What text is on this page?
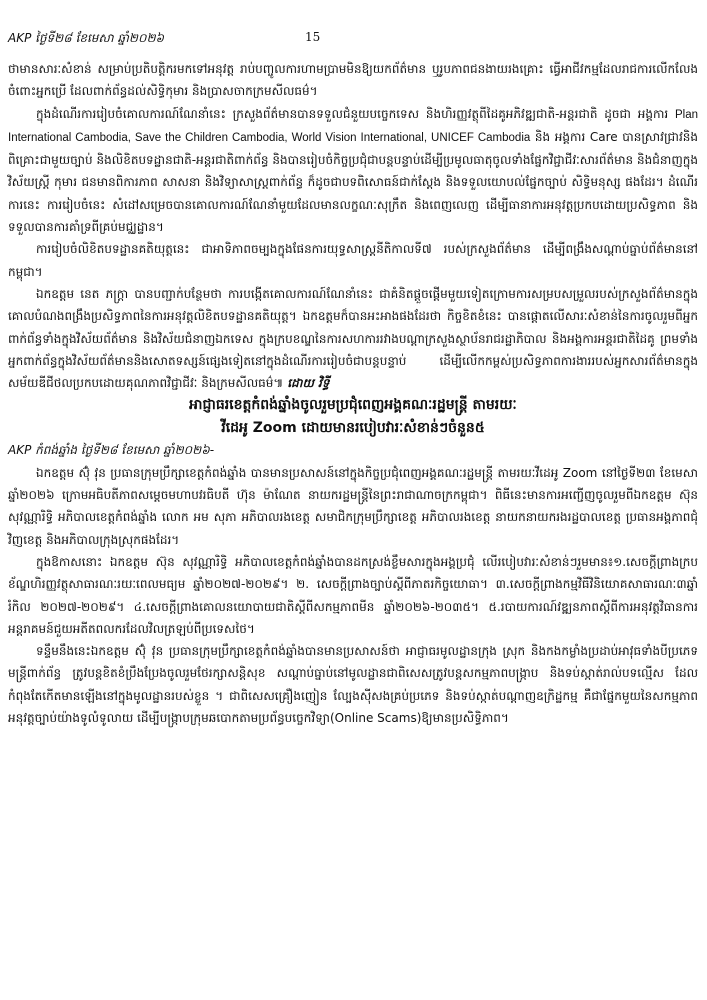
AKP ថ្ងៃទី២៨ ខែមេសា ឆ្នាំ២០២៦	15

ថាមានសារៈសំខាន់ សម្រាប់ប្រតិបត្តិករមកទៅអនុវត្ត រាប់បញ្ចូលការហាមប្រាមមិនឱ្យយកព័ត៌មាន ឬរូបភាពជនងាយរងគ្រោះ ធ្វើអាជីវកម្មដែលរាជការលើកលែងចំពោះអ្នកប្រើ ដែលពាក់ព័ន្ធដល់សិទ្ធិកុមារ និងប្រាសចាកក្រមសីលធម៌។

ក្នុងដំណើរការរៀបចំគោលការណ៍ណែនាំនេះ ក្រសួងព័ត៌មានបានទទួលជំនួយបច្ចេកទេស និងហិរញ្ញវត្ថុពីដៃគូអភិវឌ្ឍជាតិ-អន្តរជាតិ ដូចជា អង្គការ Plan International Cambodia, Save the Children Cambodia, World Vision International, UNICEF Cambodia និង អង្គការ Care បានស្រាវជ្រាវនិងពិគ្រោះជាមួយច្បាប់ និងលិខិតបទដ្ឋានជាតិ-អន្តរជាតិពាក់ព័ន្ធ និងបានរៀបចំកិច្ចប្រជុំជាបន្តបន្ទាប់ដើម្បីប្រមូលធាតុចូលទាំងផ្នែកវិជ្ជាជីវៈសារព័ត៌មាន និងជំនាញក្នុងវិស័យស្ត្រី កុមារ ជនមានពិការភាព សាសនា និងវិទ្យាសាស្ត្រពាក់ព័ន្ធ ក៏ដូចជាបទពិសោធន៍ជាក់ស្តែង និងទទួលយោបល់ផ្នែកច្បាប់ សិទ្ធិមនុស្ស ផងដែរ។ ដំណើរការនេះ ការរៀបចំនេះ សំដៅសម្រេចបានគោលការណ៍ណែនាំមួយដែលមានលក្ខណៈសុក្រឹត និងពេញលេញ ដើម្បីធានាការអនុវត្តប្រកបដោយប្រសិទ្ធភាព និងទទួលបានការគាំទ្រពីគ្រប់មជ្ឈដ្ឋាន។

ការរៀបចំលិខិតបទដ្ឋានគតិយុត្តនេះ ជាអាទិភាពចម្បងក្នុងផែនការយុទ្ធសាស្ត្រនីតិកាលទី៧ របស់ក្រសួងព័ត៌មាន ដើម្បីពង្រឹងសណ្ដាប់ធ្នាប់ព័ត៌មាននៅកម្ពុជា។

ឯកឧត្តម នេត ភក្ត្រា បានបញ្ជាក់បន្ថែមថា ការបង្កើតគោលការណ៍ណែនាំនេះ ជាគំនិតផ្ដួចផ្ដើមមួយទៀតក្រោមការសម្របសម្រួលរបស់ក្រសួងព័ត៌មានក្នុងគោលបំណងពង្រឹងប្រសិទ្ធភាពនៃការអនុវត្តលិខិតបទដ្ឋានគតិយុត្ត។ ឯកឧត្តមក៏បានអះអាងផងដែរថា កិច្ចខិតខំនេះ បានផ្តោតលើសារៈសំខាន់នៃការចូលរួមពីអ្នកពាក់ព័ន្ធទាំងក្នុងវិស័យព័ត៌មាន និងវិស័យជំនាញឯកទេស ក្នុងក្របខណ្ឌនៃការសហការរវាងបណ្តាក្រសួងស្ថាប័នរាជរដ្ឋាភិបាល និងអង្គការអន្តរជាតិដៃគូ ព្រមទាំងអ្នកពាក់ព័ន្ធក្នុងវិស័យព័ត៌មាននិងសោតទស្សន៍ផ្សេងទៀតនៅក្នុងដំណើរការរៀបចំជាបន្តបន្ទាប់ ដើម្បីលើកកម្ពស់ប្រសិទ្ធភាពការងាររបស់អ្នកសារព័ត៌មានក្នុងសម័យឌីជីថលប្រកបដោយគុណភាពវិជ្ជាជីវៈ និងក្រមសីលធម៌៕ ដោយ វិទ្ធី

អាជ្ញាធរខេត្តកំពង់ឆ្នាំងចូលរួមប្រជុំពេញអង្គគណៈរដ្ឋមន្ត្រី តាមរយៈ

វីដេអូ Zoom ដោយមានរបៀបវារៈសំខាន់ៗចំនួន៥

AKP កំពង់ឆ្នាំង ថ្ងៃទី២៨ ខែមេសា ឆ្នាំ២០២៦-

ឯកឧត្តម ស៊ុំ វុន ប្រធានក្រុមប្រឹក្សាខេត្តកំពង់ឆ្នាំង បានមានប្រសាសន៍នៅក្នុងកិច្ចប្រជុំពេញអង្គគណៈរដ្ឋមន្ត្រី តាមរយៈវីដេអូ Zoom នៅថ្ងៃទី២៣ ខែមេសា ឆ្នាំ២០២៦ ក្រោមអធិបតីភាពសម្តេចមហាបវរធិបតី ហ៊ុន ម៉ាណែត នាយករដ្ឋមន្ត្រីនៃព្រះរាជាណាចក្រកម្ពុជា។ ពិធីនេះមានការអញ្ជើញចូលរួមពីឯកឧត្តម ស៊ុន សុវណ្ណារិទ្ធិ អភិបាលខេត្តកំពង់ឆ្នាំង លោក អម សុភា អភិបាលរងខេត្ត សមាជិកក្រុមប្រឹក្សាខេត្ត អភិបាលរងខេត្ត នាយកនាយករងរដ្ឋបាលខេត្ត ប្រធានអង្គភាពជុំវិញខេត្ត និងអភិបាលក្រុងស្រុកផងដែរ។

ក្នុងឱកាសនោះ ឯកឧត្តម ស៊ុន សុវណ្ណារិទ្ធិ អភិបាលខេត្តកំពង់ឆ្នាំងបានដកស្រង់ខ្លឹមសារក្នុងអង្គប្រជុំ លើរបៀបវារៈសំខាន់ៗរួមមាន៖១.សេចក្តីព្រាងក្របខ័ណ្ឌហិរញ្ញវត្ថុសាធារណៈរយៈពេលមធ្យម ឆ្នាំ២០២៧-២០២៩។ ២. សេចក្តីព្រាងច្បាប់ស្តីពីភាតរកិច្ចយោធា។ ៣.សេចក្តីព្រាងកម្មវិធីវិនិយោគសាធារណៈ៣ឆ្នាំរំកិល ២០២៧-២០២៩។ ៤.សេចក្តីព្រាងគោលនយោបាយជាតិស្តីពីសកម្មភាពមីន ឆ្នាំ២០២៦-២០៣៥។ ៥.របាយការណ៍វឌ្ឍនភាពស្តីពីការអនុវត្តវិធានការអន្តរាគមន៍ជួយអតីតពលករដែលវិលត្រឡប់ពីប្រទេសថៃ។

ទន្ទឹមនឹងនេះឯកឧត្តម ស៊ុំ វុន ប្រធានក្រុមប្រឹក្សាខេត្តកំពង់ឆ្នាំងបានមានប្រសាសន៍ថា អាជ្ញាធរមូលដ្ឋានក្រុង ស្រុក និងកងកម្លាំងប្រដាប់អាវុធទាំងបីប្រភេទ មន្ត្រីពាក់ព័ន្ធ ត្រូវបន្តខិតខំប្រឹងប្រែងចូលរួមថែរក្សាសន្តិសុខ សណ្តាប់ធ្នាប់នៅមូលដ្ឋានជាពិសេសត្រូវបន្តសកម្មភាពបង្ក្រាប និងទប់ស្កាត់រាល់បទល្មើស ដែលកំពុងតែកើតមានឡើងនៅក្នុងមូលដ្ឋានរបស់ខ្លួន ។ ជាពិសេសគ្រឿងញៀន ល្បែងស៊ីសងគ្រប់ប្រភេទ និងទប់ស្កាត់បណ្តាញឧក្រិដ្ឋកម្ម គឺជាផ្នែកមួយនៃសកម្មភាពអនុវត្តច្បាប់យ៉ាងទូលំទូលាយ ដើម្បីបង្ក្រាបក្រុមឆបោកតាមប្រព័ន្ធបច្ចេកវិទ្យា(Online Scams)ឱ្យមានប្រសិទ្ធិភាព។
